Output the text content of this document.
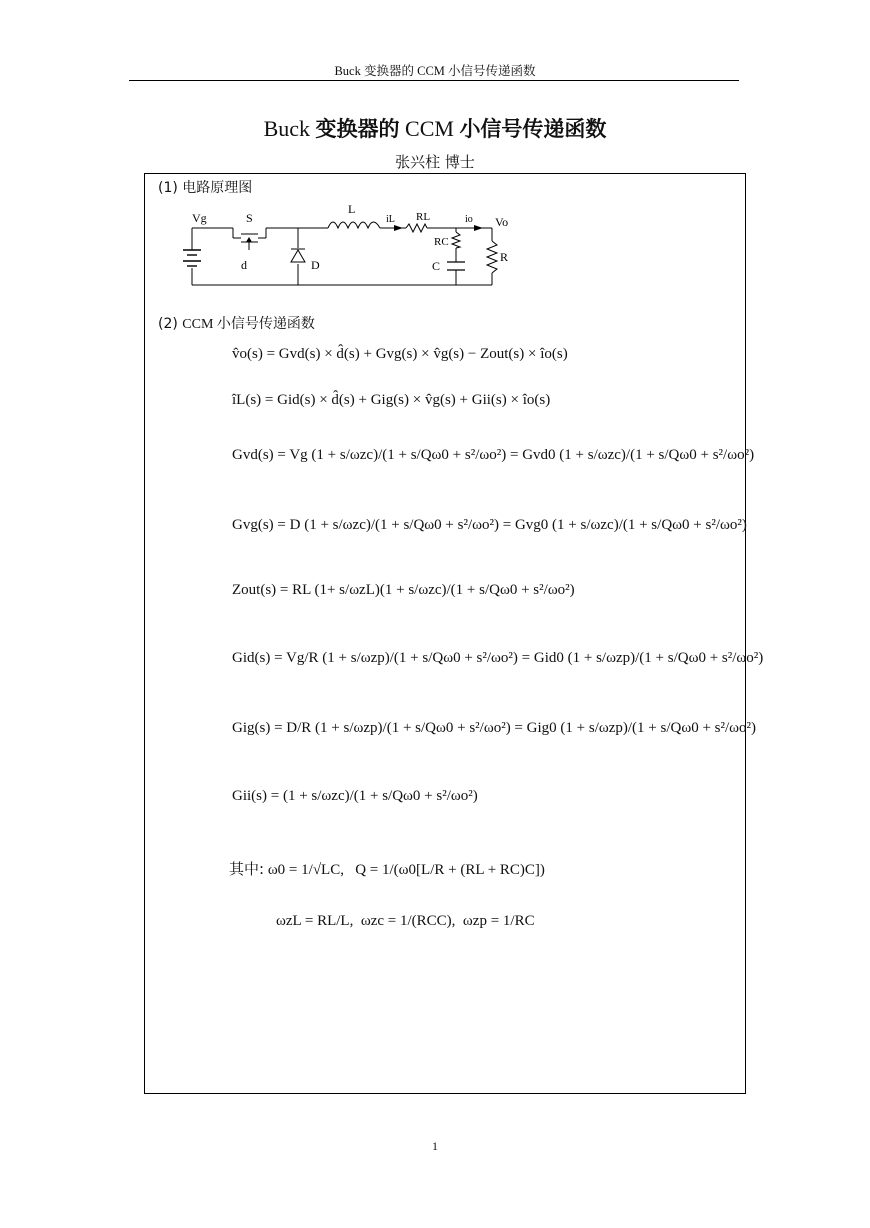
Buck 变换器的 CCM 小信号传递函数
Buck 变换器的 CCM 小信号传递函数
张兴柱 博士
(1) 电路原理图
Vg	S
d	D
L
iL RL	io Vo
RC
C
R
(2) CCM 小信号传递函数
v̂o(s) = Gvd(s) × d̂(s) + Gvg(s) × v̂g(s) − Zout(s) × îo(s)
îL(s) = Gid(s) × d̂(s) + Gig(s) × v̂g(s) + Gii(s) × îo(s)
Gvd(s) = Vg (1 + s/ωzc)/(1 + s/Qω0 + s²/ωo²) = Gvd0 (1 + s/ωzc)/(1 + s/Qω0 + s²/ωo²)
Gvg(s) = D (1 + s/ωzc)/(1 + s/Qω0 + s²/ωo²) = Gvg0 (1 + s/ωzc)/(1 + s/Qω0 + s²/ωo²)
Zout(s) = RL (1+ s/ωzL)(1 + s/ωzc)/(1 + s/Qω0 + s²/ωo²)
Gid(s) = Vg/R (1 + s/ωzp)/(1 + s/Qω0 + s²/ωo²) = Gid0 (1 + s/ωzp)/(1 + s/Qω0 + s²/ωo²)
Gig(s) = D/R (1 + s/ωzp)/(1 + s/Qω0 + s²/ωo²) = Gig0 (1 + s/ωzp)/(1 + s/Qω0 + s²/ωo²)
Gii(s) = (1 + s/ωzc)/(1 + s/Qω0 + s²/ωo²)
其中: ω0 = 1/√LC,   Q = 1/(ω0[L/R + (RL + RC)C])
ωzL = RL/L,  ωzc = 1/(RCC),  ωzp = 1/RC
1
